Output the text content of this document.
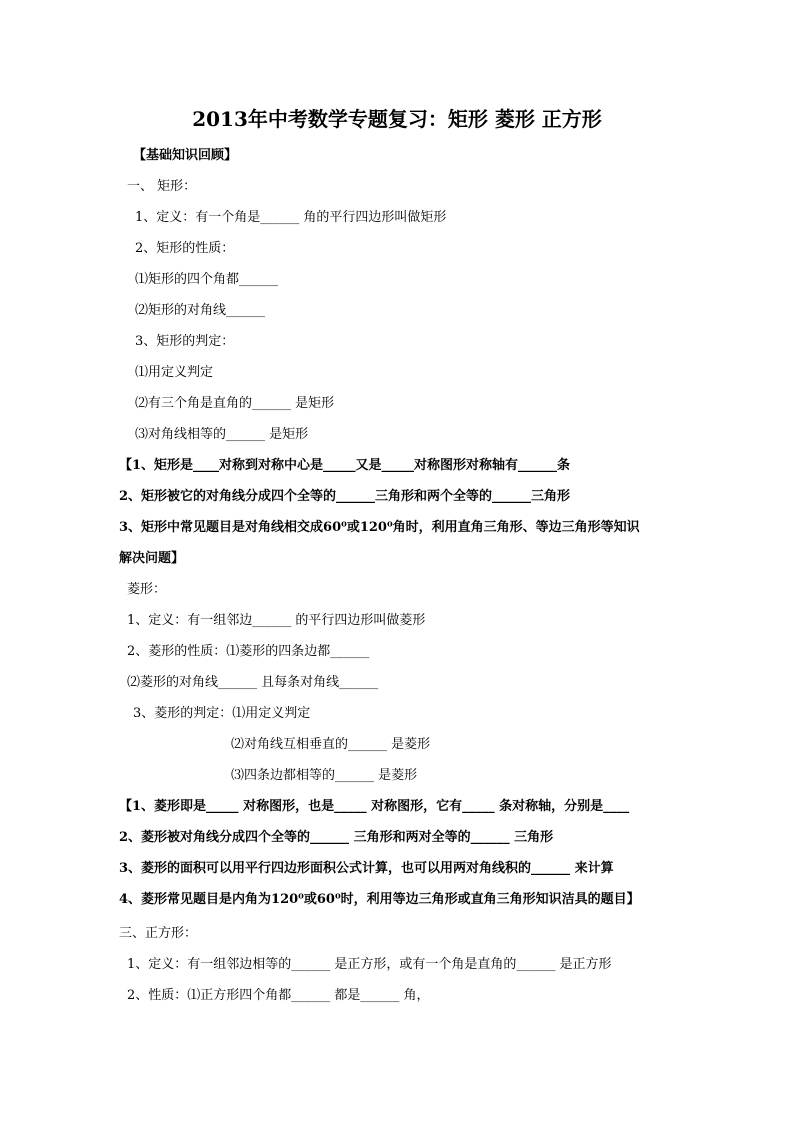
2013年中考数学专题复习：矩形 菱形 正方形
【基础知识回顾】
一、 矩形：
1、定义：有一个角是______ 角的平行四边形叫做矩形
2、矩形的性质：
⑴矩形的四个角都______
⑵矩形的对角线______
3、矩形的判定：
⑴用定义判定
⑵有三个角是直角的______ 是矩形
⑶对角线相等的______ 是矩形
【1、矩形是____对称到对称中心是_____又是_____对称图形对称轴有______条
2、矩形被它的对角线分成四个全等的______三角形和两个全等的______三角形
3、矩形中常见题目是对角线相交成60⁰或120⁰角时，利用直角三角形、等边三角形等知识
解决问题】
菱形：
1、定义：有一组邻边______ 的平行四边形叫做菱形
2、菱形的性质：⑴菱形的四条边都______
⑵菱形的对角线______ 且每条对角线______
3、菱形的判定：⑴用定义判定
⑵对角线互相垂直的______ 是菱形
⑶四条边都相等的______ 是菱形
【1、菱形即是_____ 对称图形，也是_____ 对称图形，它有_____ 条对称轴，分别是____
2、菱形被对角线分成四个全等的______ 三角形和两对全等的______ 三角形
3、菱形的面积可以用平行四边形面积公式计算，也可以用两对角线积的______ 来计算
4、菱形常见题目是内角为120⁰或60⁰时，利用等边三角形或直角三角形知识洁具的题目】
三、正方形：
1、定义：有一组邻边相等的______ 是正方形，或有一个角是直角的______ 是正方形
2、性质：⑴正方形四个角都______ 都是______ 角，
